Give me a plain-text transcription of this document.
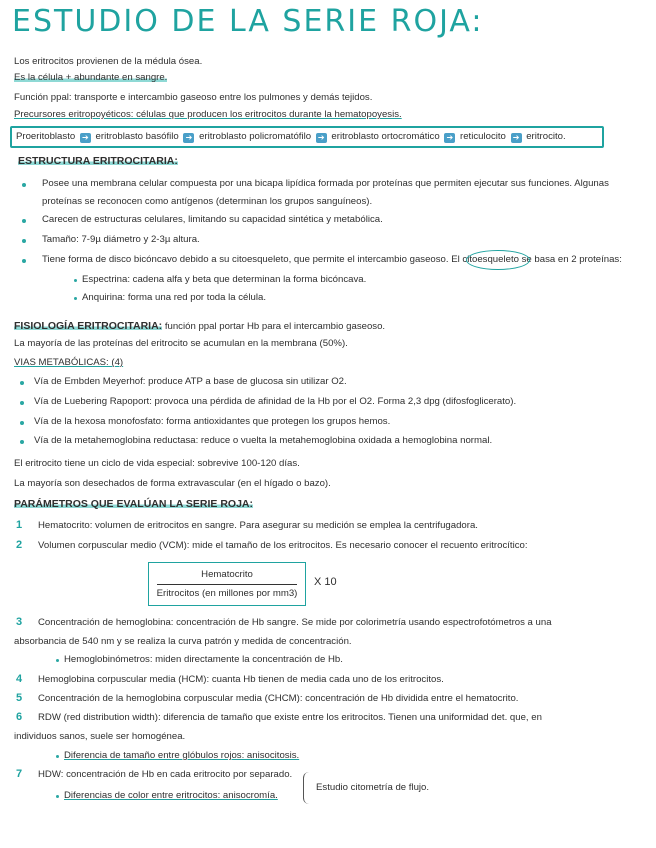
ESTUDIO DE LA SERIE ROJA:
Los eritrocitos provienen de la médula ósea.
Es la célula + abundante en sangre.
Función ppal: transporte e intercambio gaseoso entre los pulmones y demás tejidos.
Precursores eritropoyéticos: células que producen los eritrocitos durante la hematopoyesis.
Proeritoblasto ➔ eritroblasto basófilo ➔ eritroblasto policromatófilo ➔ eritroblasto ortocromático ➔ reticulocito ➔ eritrocito.
ESTRUCTURA ERITROCITARIA:
Posee una membrana celular compuesta por una bicapa lipídica formada por proteínas que permiten ejecutar sus funciones. Algunas
proteínas se reconocen como antígenos (determinan los grupos sanguíneos).
Carecen de estructuras celulares, limitando su capacidad sintética y metabólica.
Tamaño: 7-9µ diámetro y 2-3µ altura.
Tiene forma de disco bicóncavo debido a su citoesqueleto, que permite el intercambio gaseoso. El citoesqueleto se basa en 2 proteínas:
Espectrina: cadena alfa y beta que determinan la forma bicóncava.
Anquirina: forma una red por toda la célula.
FISIOLOGÍA ERITROCITARIA: función ppal portar Hb para el intercambio gaseoso.
La mayoría de las proteínas del eritrocito se acumulan en la membrana (50%).
VIAS METABÓLICAS: (4)
Vía de Embden Meyerhof: produce ATP a base de glucosa sin utilizar O2.
Vía de Luebering Rapoport: provoca una pérdida de afinidad de la Hb por el O2. Forma 2,3 dpg (difosfoglicerato).
Vía de la hexosa monofosfato: forma antioxidantes que protegen los grupos hemos.
Vía de la metahemoglobina reductasa: reduce o vuelta la metahemoglobina oxidada a hemoglobina normal.
El eritrocito tiene un ciclo de vida especial: sobrevive 100-120 días.
La mayoría son desechados de forma extravascular (en el hígado o bazo).
PARÁMETROS QUE EVALÚAN LA SERIE ROJA:
1 Hematocrito: volumen de eritrocitos en sangre. Para asegurar su medición se emplea la centrifugadora.
2 Volumen corpuscular medio (VCM): mide el tamaño de los eritrocitos. Es necesario conocer el recuento eritrocítico:
Hematocrito
Eritrocitos (en millones por mm3)
X 10
3 Concentración de hemoglobina: concentración de Hb sangre. Se mide por colorimetría usando espectrofotómetros a una
absorbancia de 540 nm y se realiza la curva patrón y medida de concentración.
Hemoglobinómetros: miden directamente la concentración de Hb.
4 Hemoglobina corpuscular media (HCM): cuanta Hb tienen de media cada uno de los eritrocitos.
5 Concentración de la hemoglobina corpuscular media (CHCM): concentración de Hb dividida entre el hematocrito.
6 RDW (red distribution width): diferencia de tamaño que existe entre los eritrocitos. Tienen una uniformidad det. que, en
individuos sanos, suele ser homogénea.
Diferencia de tamaño entre glóbulos rojos: anisocitosis.
7 HDW: concentración de Hb en cada eritrocito por separado.
Diferencias de color entre eritrocitos: anisocromía.
Estudio citometría de flujo.
